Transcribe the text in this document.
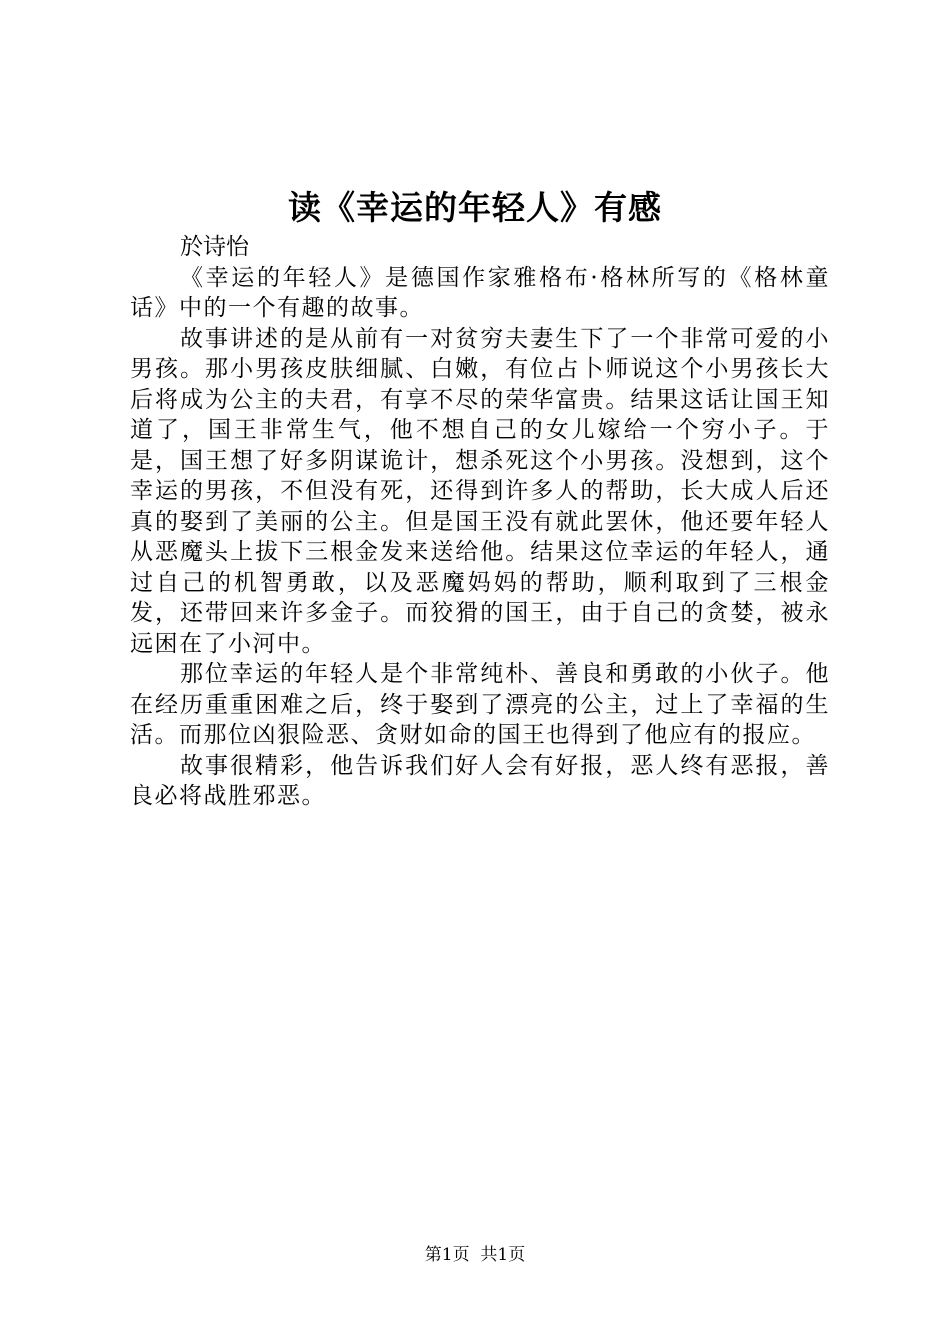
读《幸运的年轻人》有感

於诗怡

《幸运的年轻人》是德国作家雅格布·格林所写的《格林童话》中的一个有趣的故事。

故事讲述的是从前有一对贫穷夫妻生下了一个非常可爱的小男孩。那小男孩皮肤细腻、白嫩，有位占卜师说这个小男孩长大后将成为公主的夫君，有享不尽的荣华富贵。结果这话让国王知道了，国王非常生气，他不想自己的女儿嫁给一个穷小子。于是，国王想了好多阴谋诡计，想杀死这个小男孩。没想到，这个幸运的男孩，不但没有死，还得到许多人的帮助，长大成人后还真的娶到了美丽的公主。但是国王没有就此罢休，他还要年轻人从恶魔头上拔下三根金发来送给他。结果这位幸运的年轻人，通过自己的机智勇敢，以及恶魔妈妈的帮助，顺利取到了三根金发，还带回来许多金子。而狡猾的国王，由于自己的贪婪，被永远困在了小河中。

那位幸运的年轻人是个非常纯朴、善良和勇敢的小伙子。他在经历重重困难之后，终于娶到了漂亮的公主，过上了幸福的生活。而那位凶狠险恶、贪财如命的国王也得到了他应有的报应。

故事很精彩，他告诉我们好人会有好报，恶人终有恶报，善良必将战胜邪恶。

第1页 共1页
